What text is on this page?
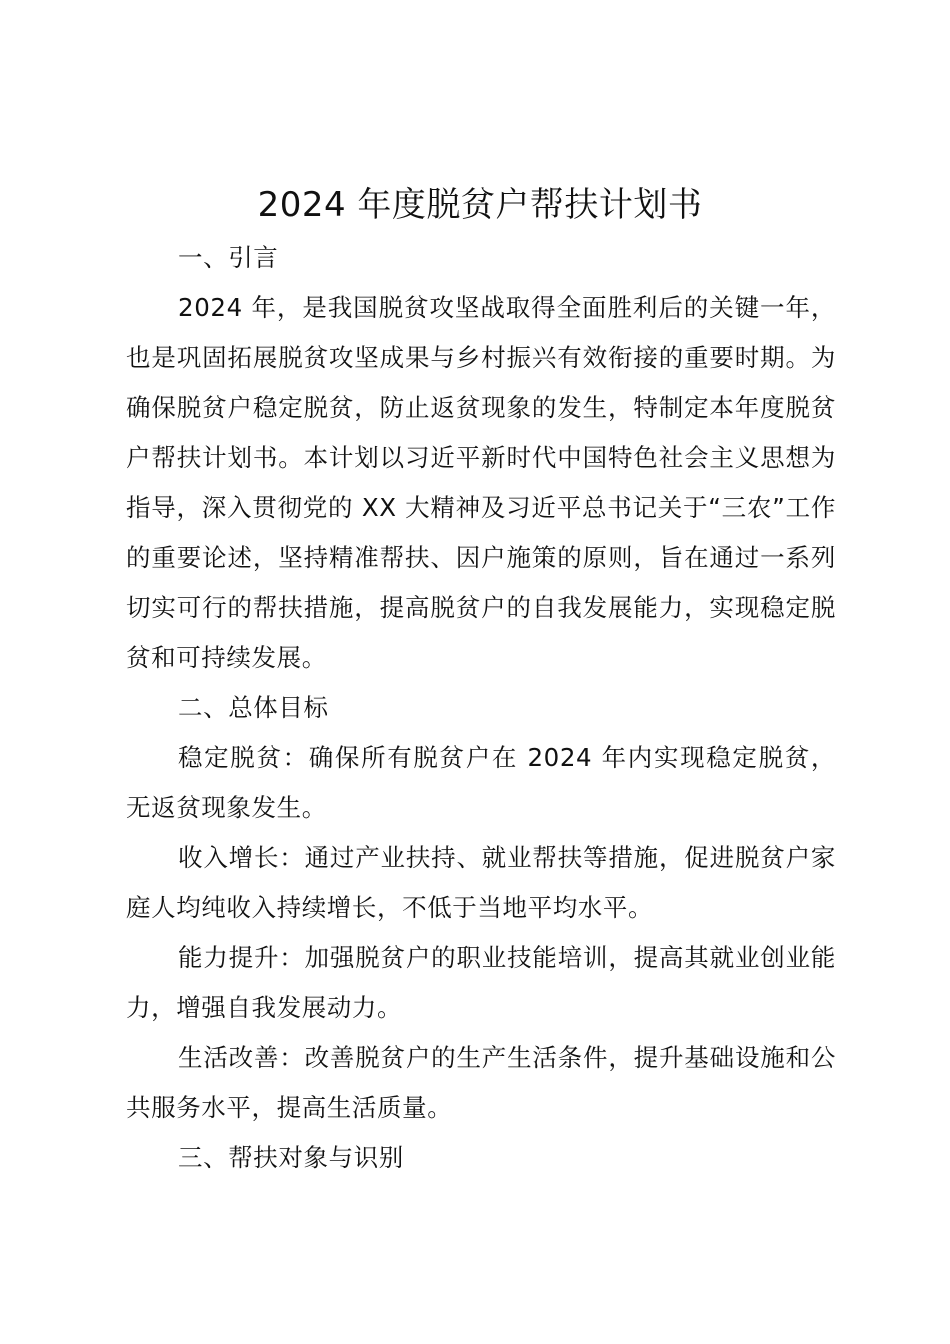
2024 年度脱贫户帮扶计划书

一、引言

2024 年，是我国脱贫攻坚战取得全面胜利后的关键一年，也是巩固拓展脱贫攻坚成果与乡村振兴有效衔接的重要时期。为确保脱贫户稳定脱贫，防止返贫现象的发生，特制定本年度脱贫户帮扶计划书。本计划以习近平新时代中国特色社会主义思想为指导，深入贯彻党的 XX 大精神及习近平总书记关于“三农”工作的重要论述，坚持精准帮扶、因户施策的原则，旨在通过一系列切实可行的帮扶措施，提高脱贫户的自我发展能力，实现稳定脱贫和可持续发展。

二、总体目标

稳定脱贫：确保所有脱贫户在 2024 年内实现稳定脱贫，无返贫现象发生。

收入增长：通过产业扶持、就业帮扶等措施，促进脱贫户家庭人均纯收入持续增长，不低于当地平均水平。

能力提升：加强脱贫户的职业技能培训，提高其就业创业能力，增强自我发展动力。

生活改善：改善脱贫户的生产生活条件，提升基础设施和公共服务水平，提高生活质量。

三、帮扶对象与识别
